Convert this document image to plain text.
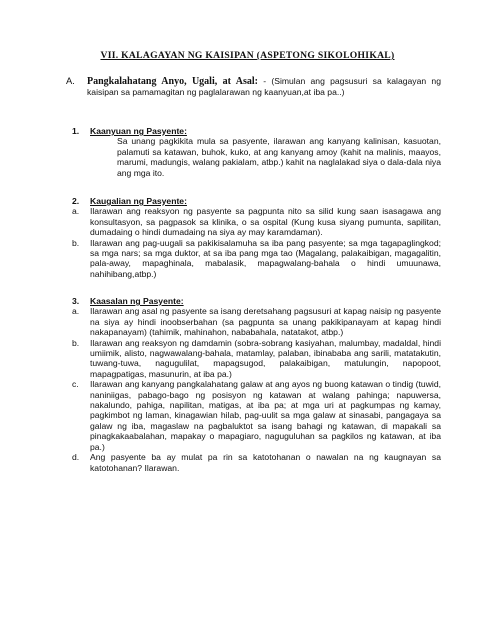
VII. KALAGAYAN NG KAISIPAN (ASPETONG SIKOLOHIKAL)
A. Pangkalahatang Anyo, Ugali, at Asal: - (Simulan ang pagsusuri sa kalagayan ng kaisipan sa pamamagitan ng paglalarawan ng kaanyuan,at iba pa..)
1. Kaanyuan ng Pasyente:
Sa unang pagkikita mula sa pasyente, ilarawan ang kanyang kalinisan, kasuotan, palamuti sa katawan, buhok, kuko, at ang kanyang amoy (kahit na malinis, maayos, marumi, madungis, walang pakialam, atbp.) kahit na naglalakad siya o dala-dala niya ang mga ito.
2. Kaugalian ng Pasyente:
a. Ilarawan ang reaksyon ng pasyente sa pagpunta nito sa silid kung saan isasagawa ang konsultasyon, sa pagpasok sa klinika, o sa ospital (Kung kusa siyang pumunta, sapilitan, dumadaing o hindi dumadaing na siya ay may karamdaman).
b. Ilarawan ang pag-uugali sa pakikisalamuha sa iba pang pasyente; sa mga tagapaglingkod; sa mga nars; sa mga duktor, at sa iba pang mga tao (Magalang, palakaibigan, magagalitin, pala-away, mapaghinala, mabalasik, mapagwalang-bahala o hindi umuunawa, nahihibang,atbp.)
3. Kaasalan ng Pasyente:
a. Ilarawan ang asal ng pasyente sa isang deretsahang pagsusuri at kapag naisip ng pasyente na siya ay hindi inoobserbahan (sa pagpunta sa unang pakikipanayam at kapag hindi nakapanayam) (tahimik, mahinahon, nababahala, natatakot, atbp.)
b. Ilarawan ang reaksyon ng damdamin (sobra-sobrang kasiyahan, malumbay, madaldal, hindi umiimik, alisto, nagwawalang-bahala, matamlay, palaban, ibinababa ang sarili, matatakutin, tuwang-tuwa, nagugulilat, mapagsugod, palakaibigan, matulungin, napopoot, mapagpatigas, masunurin, at iba pa.)
c. Ilarawan ang kanyang pangkalahatang galaw at ang ayos ng buong katawan o tindig (tuwid, naniniigas, pabago-bago ng posisyon ng katawan at walang pahinga; napuwersa, nakalundo, pahiga, napilitan, matigas, at iba pa; at mga uri at pagkumpas ng kamay, pagkimbot ng laman, kinagawian hilab, pag-uulit sa mga galaw at sinasabi, pangagaya sa galaw ng iba, magaslaw na pagbaluktot sa isang bahagi ng katawan, di mapakali sa pinagkakaabalahan, mapakay o mapagiaro, naguguluhan sa pagkilos ng katawan, at iba pa.)
d. Ang pasyente ba ay mulat pa rin sa katotohanan o nawalan na ng kaugnayan sa katotohanan? Ilarawan.
